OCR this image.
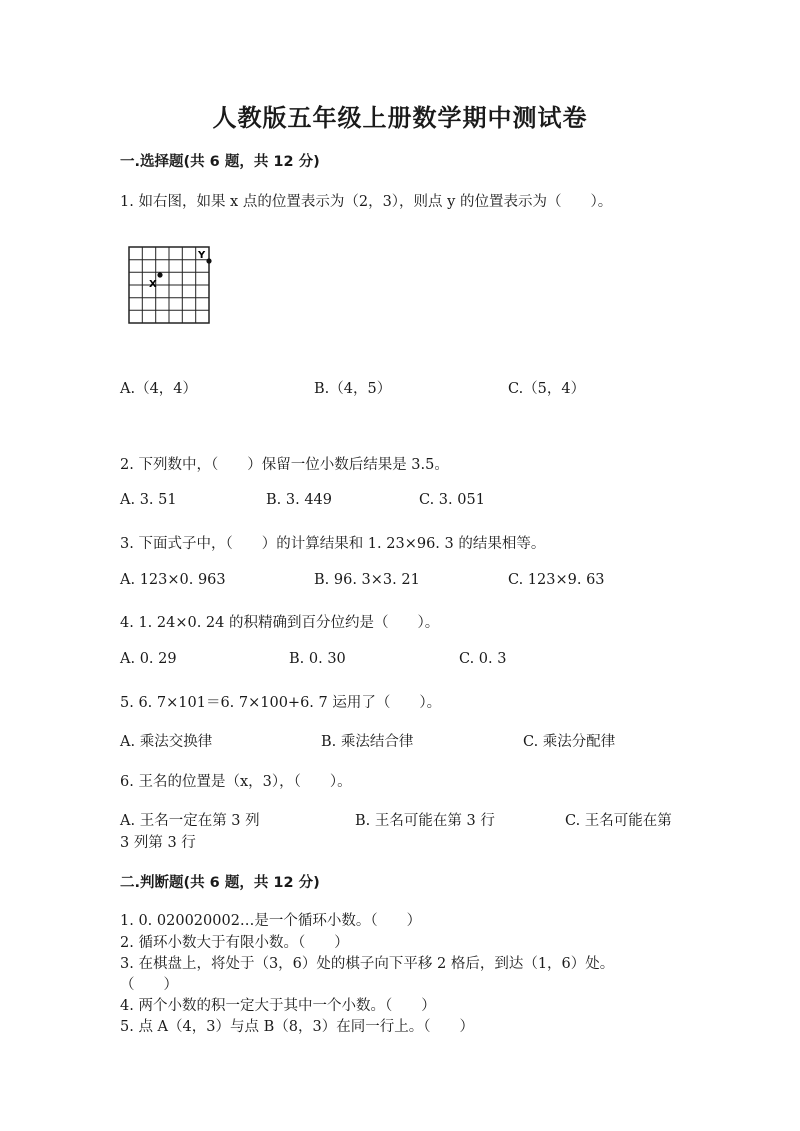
人教版五年级上册数学期中测试卷
一.选择题(共 6 题，共 12 分)
1. 如右图，如果 x 点的位置表示为（2，3），则点 y 的位置表示为（　　）。
X
Y
A.（4，4）	B.（4，5）	C.（5，4）
2. 下列数中，（　　）保留一位小数后结果是 3.5。
A. 3. 51	B. 3. 449	C. 3. 051
3. 下面式子中，（　　）的计算结果和 1. 23×96. 3 的结果相等。
A. 123×0. 963	B. 96. 3×3. 21	C. 123×9. 63
4. 1. 24×0. 24 的积精确到百分位约是（　　）。
A. 0. 29	B. 0. 30	C. 0. 3
5. 6. 7×101＝6. 7×100+6. 7 运用了（　　）。
A. 乘法交换律	B. 乘法结合律	C. 乘法分配律
6. 王名的位置是（x，3），（　　）。
A. 王名一定在第 3 列	B. 王名可能在第 3 行	C. 王名可能在第
3 列第 3 行
二.判断题(共 6 题，共 12 分)
1. 0. 020020002…是一个循环小数。（　　）
2. 循环小数大于有限小数。（　　）
3. 在棋盘上，将处于（3，6）处的棋子向下平移 2 格后，到达（1，6）处。
（　　）
4. 两个小数的积一定大于其中一个小数。（　　）
5. 点 A（4，3）与点 B（8，3）在同一行上。（　　）
